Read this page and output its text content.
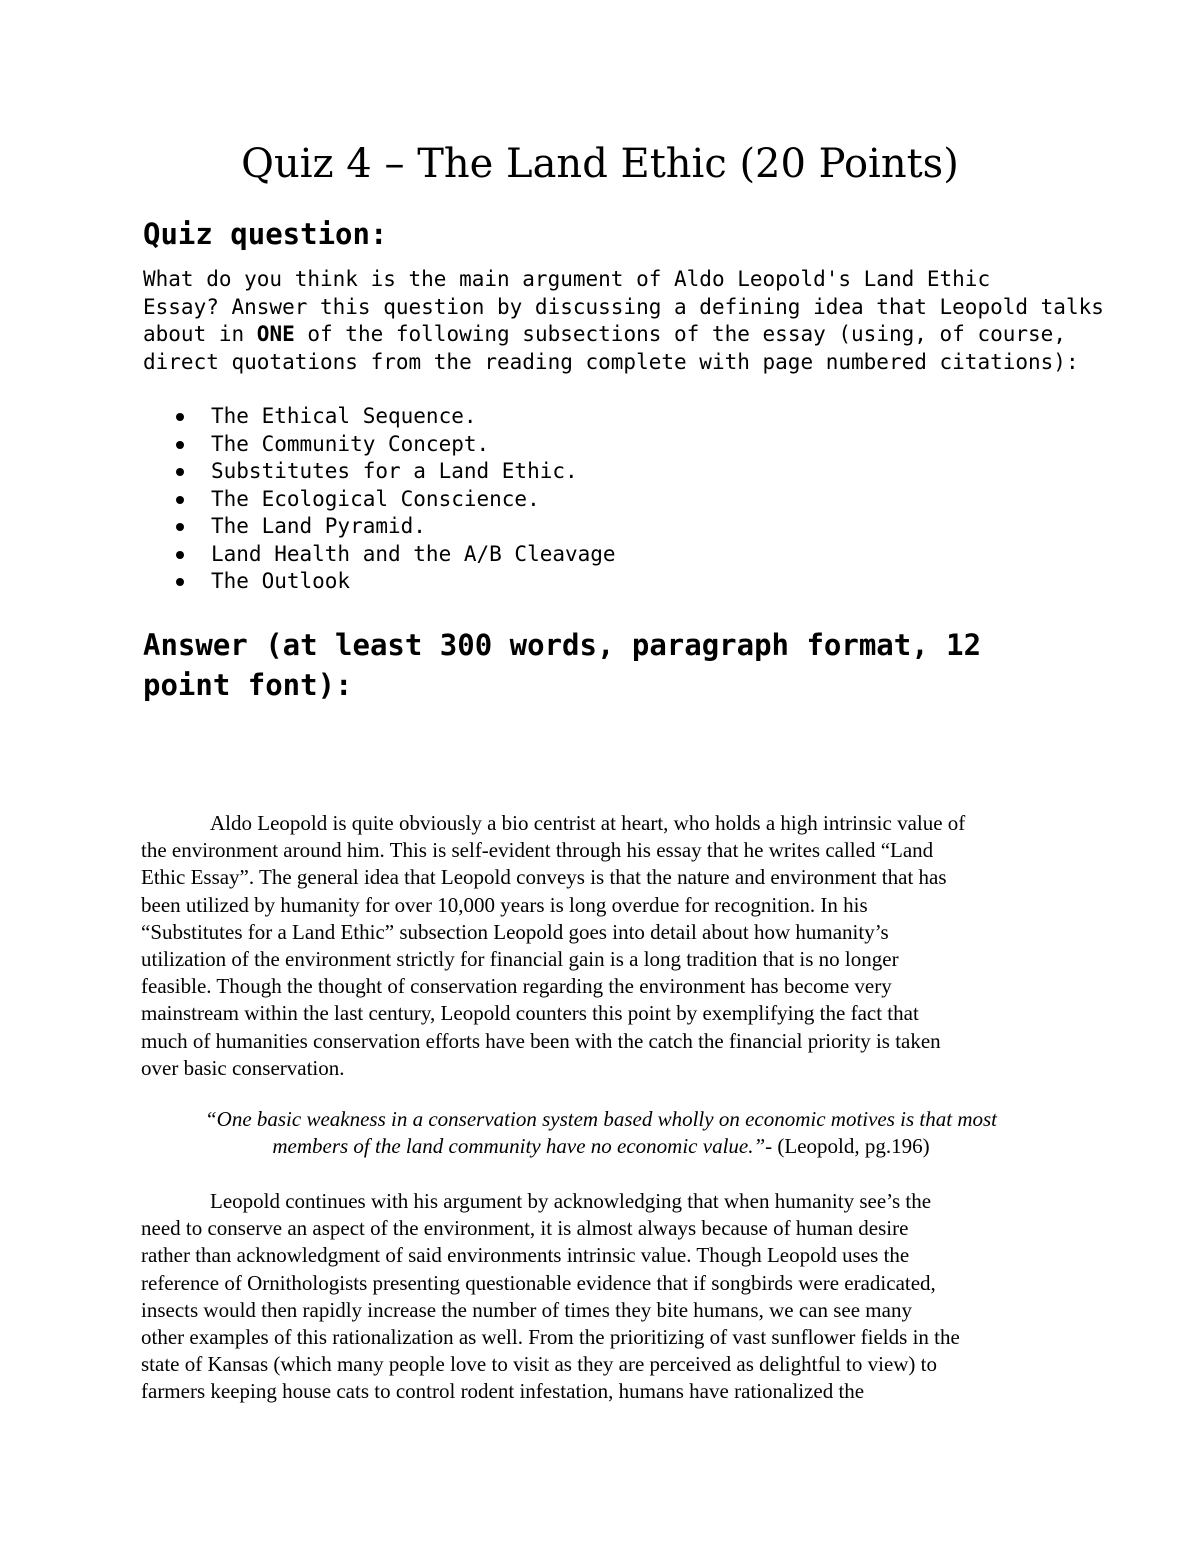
Quiz 4 – The Land Ethic (20 Points)
Quiz question:

What do you think is the main argument of Aldo Leopold's Land Ethic
Essay? Answer this question by discussing a defining idea that Leopold talks
about in ONE of the following subsections of the essay (using, of course,
direct quotations from the reading complete with page numbered citations):

The Ethical Sequence.
The Community Concept.
Substitutes for a Land Ethic.
The Ecological Conscience.
The Land Pyramid.
Land Health and the A/B Cleavage
The Outlook
Answer (at least 300 words, paragraph format, 12
point font):

Aldo Leopold is quite obviously a bio centrist at heart, who holds a high intrinsic value of
the environment around him. This is self-evident through his essay that he writes called “Land
Ethic Essay”. The general idea that Leopold conveys is that the nature and environment that has
been utilized by humanity for over 10,000 years is long overdue for recognition. In his
“Substitutes for a Land Ethic” subsection Leopold goes into detail about how humanity’s
utilization of the environment strictly for financial gain is a long tradition that is no longer
feasible. Though the thought of conservation regarding the environment has become very
mainstream within the last century, Leopold counters this point by exemplifying the fact that
much of humanities conservation efforts have been with the catch the financial priority is taken
over basic conservation.

“One basic weakness in a conservation system based wholly on economic motives is that most
members of the land community have no economic value.”- (Leopold, pg.196)

Leopold continues with his argument by acknowledging that when humanity see’s the
need to conserve an aspect of the environment, it is almost always because of human desire
rather than acknowledgment of said environments intrinsic value. Though Leopold uses the
reference of Ornithologists presenting questionable evidence that if songbirds were eradicated,
insects would then rapidly increase the number of times they bite humans, we can see many
other examples of this rationalization as well. From the prioritizing of vast sunflower fields in the
state of Kansas (which many people love to visit as they are perceived as delightful to view) to
farmers keeping house cats to control rodent infestation, humans have rationalized the
